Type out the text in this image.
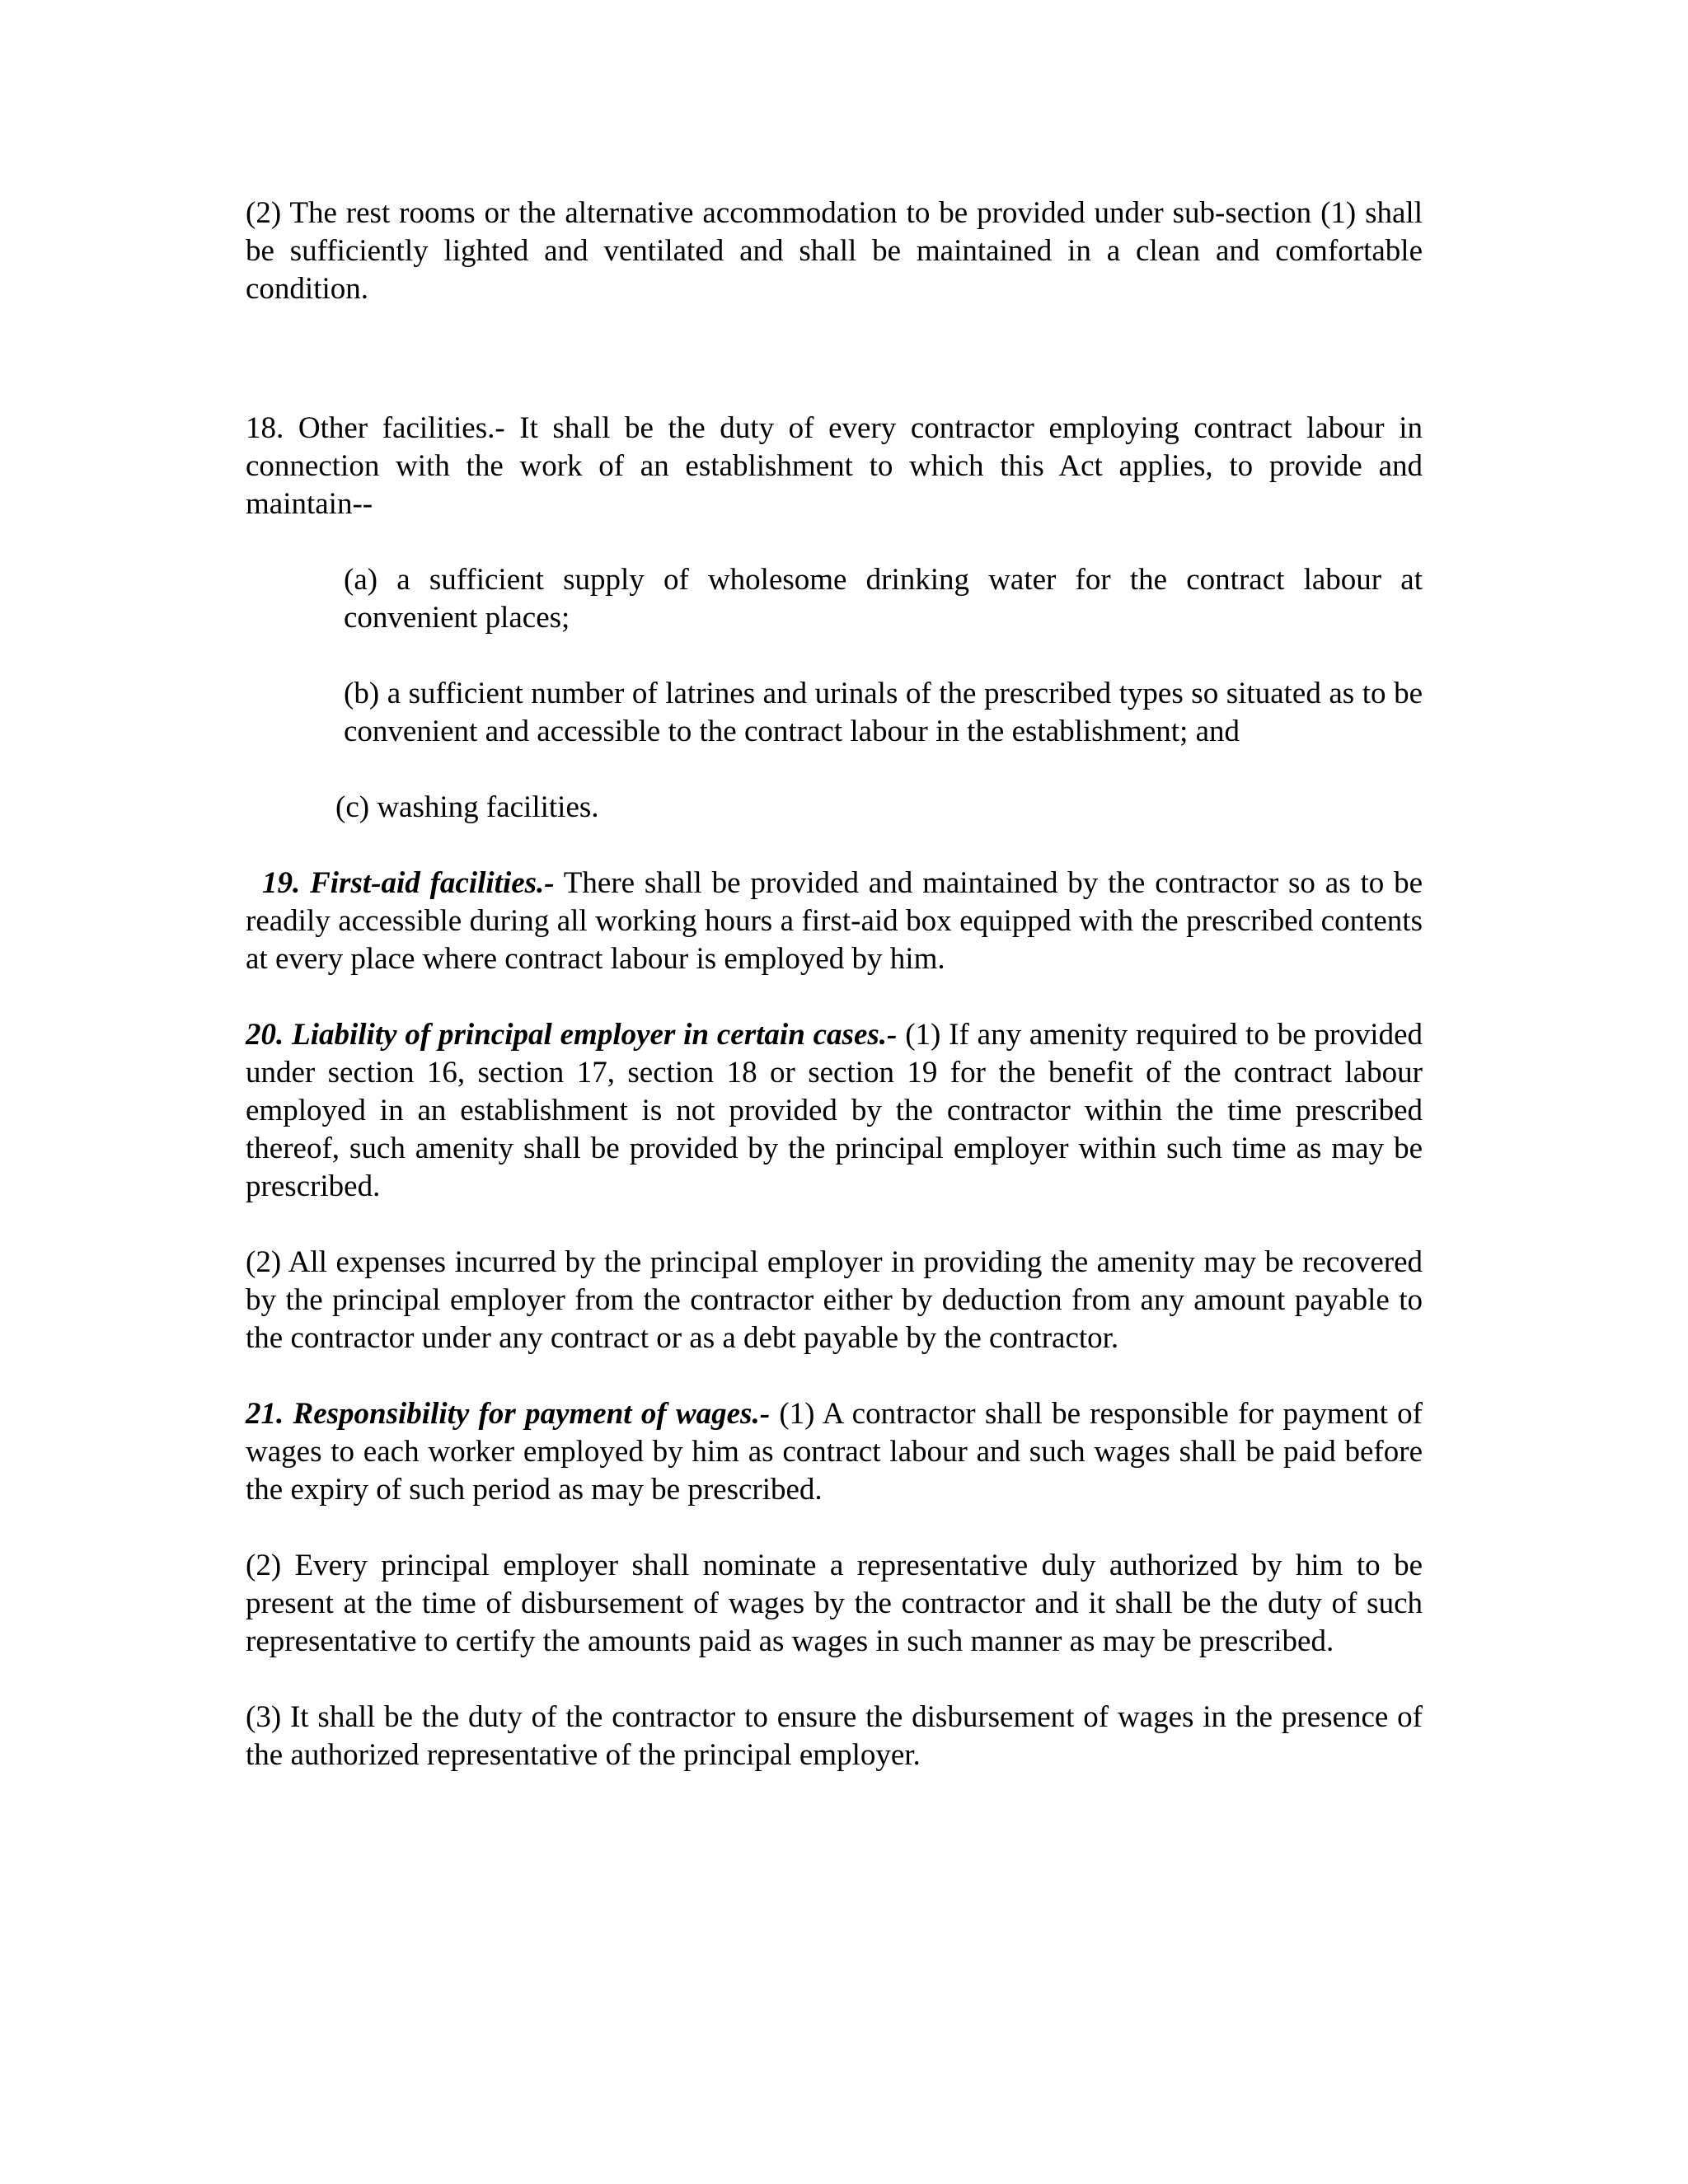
(2) The rest rooms or the alternative accommodation to be provided under sub-section (1) shall be sufficiently lighted and ventilated and shall be maintained in a clean and comfortable condition.

18. Other facilities.- It shall be the duty of every contractor employing contract labour in connection with the work of an establishment to which this Act applies, to provide and maintain--

(a) a sufficient supply of wholesome drinking water for the contract labour at convenient places;

(b) a sufficient number of latrines and urinals of the prescribed types so situated as to be convenient and accessible to the contract labour in the establishment; and

(c) washing facilities.

19. First-aid facilities.- There shall be provided and maintained by the contractor so as to be readily accessible during all working hours a first-aid box equipped with the prescribed contents at every place where contract labour is employed by him.

20. Liability of principal employer in certain cases.- (1) If any amenity required to be provided under section 16, section 17, section 18 or section 19 for the benefit of the contract labour employed in an establishment is not provided by the contractor within the time prescribed thereof, such amenity shall be provided by the principal employer within such time as may be prescribed.

(2) All expenses incurred by the principal employer in providing the amenity may be recovered by the principal employer from the contractor either by deduction from any amount payable to the contractor under any contract or as a debt payable by the contractor.

21. Responsibility for payment of wages.- (1) A contractor shall be responsible for payment of wages to each worker employed by him as contract labour and such wages shall be paid before the expiry of such period as may be prescribed.

(2) Every principal employer shall nominate a representative duly authorized by him to be present at the time of disbursement of wages by the contractor and it shall be the duty of such representative to certify the amounts paid as wages in such manner as may be prescribed.

(3) It shall be the duty of the contractor to ensure the disbursement of wages in the presence of the authorized representative of the principal employer.
